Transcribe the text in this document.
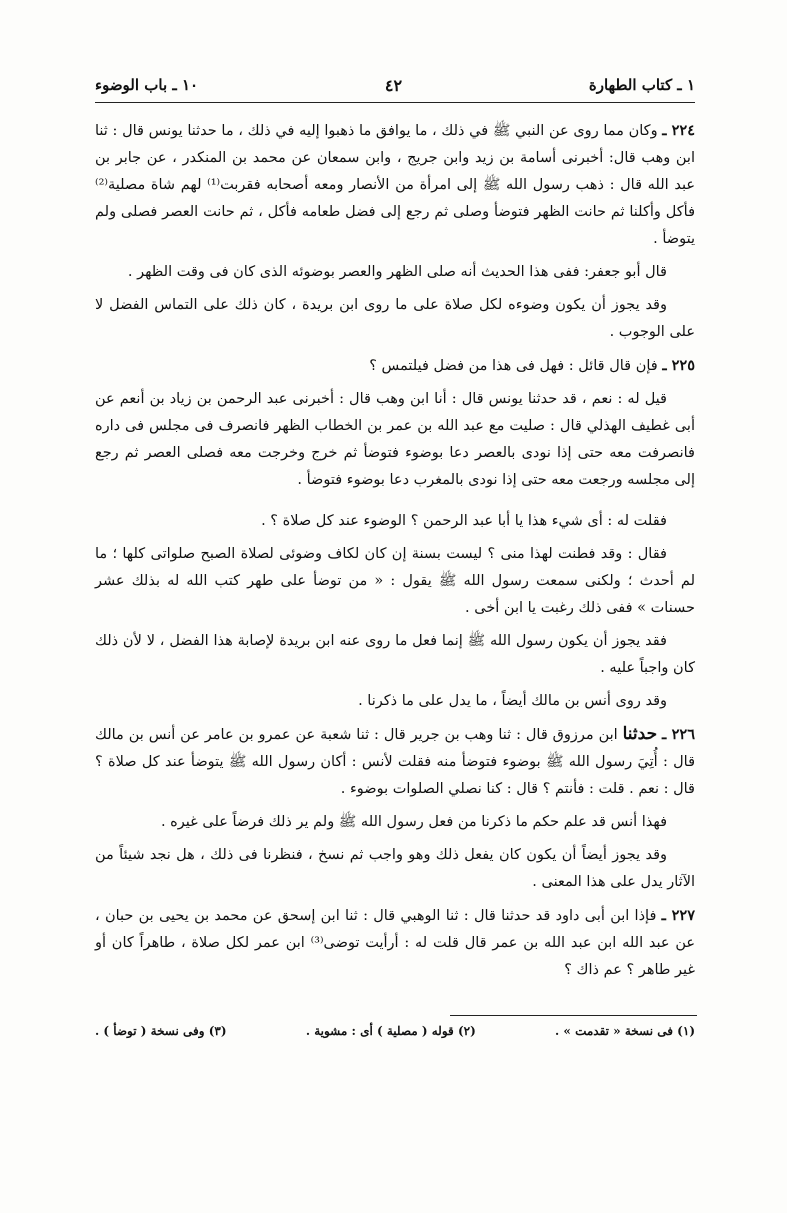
١ ـ كتاب الطهارة
٤٢
١٠ ـ باب الوضوء

٢٢٤ ـ وكان مما روى عن النبي ﷺ في ذلك ، ما يوافق ما ذهبوا إليه في ذلك ، ما حدثنا يونس قال : ثنا ابن وهب قال: أخبرنى أسامة بن زيد وابن جريج ، وابن سمعان عن محمد بن المنكدر ، عن جابر بن عبد الله قال : ذهب رسول الله ﷺ إلى امرأة من الأنصار ومعه أصحابه فقربت⁽¹⁾ لهم شاة مصلية⁽²⁾ فأكل وأكلنا ثم حانت الظهر فتوضأ وصلى ثم رجع إلى فضل طعامه فأكل ، ثم حانت العصر فصلى ولم يتوضأ .

قال أبو جعفر: ففى هذا الحديث أنه صلى الظهر والعصر بوضوئه الذى كان فى وقت الظهر .

وقد يجوز أن يكون وضوءه لكل صلاة على ما روى ابن بريدة ، كان ذلك على التماس الفضل لا على الوجوب .

٢٢٥ ـ فإن قال قائل : فهل فى هذا من فضل فيلتمس ؟

قيل له : نعم ، قد حدثنا يونس قال : أنا ابن وهب قال : أخبرنى عبد الرحمن بن زياد بن أنعم عن أبى غطيف الهذلي قال : صليت مع عبد الله بن عمر بن الخطاب الظهر فانصرف فى مجلس فى داره فانصرفت معه حتى إذا نودى بالعصر دعا بوضوء فتوضأ ثم خرج وخرجت معه فصلى العصر ثم رجع إلى مجلسه ورجعت معه حتى إذا نودى بالمغرب دعا بوضوء فتوضأ .

فقلت له : أى شيء هذا يا أبا عبد الرحمن ؟ الوضوء عند كل صلاة ؟ .

فقال : وقد فطنت لهذا منى ؟ ليست بسنة إن كان لكاف وضوئى لصلاة الصبح صلواتى كلها ؛ ما لم أحدث ؛ ولكنى سمعت رسول الله ﷺ يقول : « من توضأ على طهر كتب الله له بذلك عشر حسنات » ففى ذلك رغبت يا ابن أخى .

فقد يجوز أن يكون رسول الله ﷺ إنما فعل ما روى عنه ابن بريدة لإصابة هذا الفضل ، لا لأن ذلك كان واجباً عليه .

وقد روى أنس بن مالك أيضاً ، ما يدل على ما ذكرنا .

٢٢٦ ـ حدثنا ابن مرزوق قال : ثنا وهب بن جرير قال : ثنا شعبة عن عمرو بن عامر عن أنس بن مالك قال : أُتِيَ رسول الله ﷺ بوضوء فتوضأ منه فقلت لأنس : أكان رسول الله ﷺ يتوضأ عند كل صلاة ؟ قال : نعم . قلت : فأنتم ؟ قال : كنا نصلي الصلوات بوضوء .

فهذا أنس قد علم حكم ما ذكرنا من فعل رسول الله ﷺ ولم ير ذلك فرضاً على غيره .

وقد يجوز أيضاً أن يكون كان يفعل ذلك وهو واجب ثم نسخ ، فنظرنا فى ذلك ، هل نجد شيئاً من الآثار يدل على هذا المعنى .

٢٢٧ ـ فإذا ابن أبى داود قد حدثنا قال : ثنا الوهبي قال : ثنا ابن إسحق عن محمد بن يحيى بن حبان ، عن عبد الله ابن عبد الله بن عمر قال قلت له : أرأيت توضى⁽³⁾ ابن عمر لكل صلاة ، طاهراً كان أو غير طاهر ؟ عم ذاك ؟

(١) فى نسخة « تقدمت » .
(٢) قوله ( مصلية ) أى : مشوية .
(٣) وفى نسخة ( توضأ ) .
